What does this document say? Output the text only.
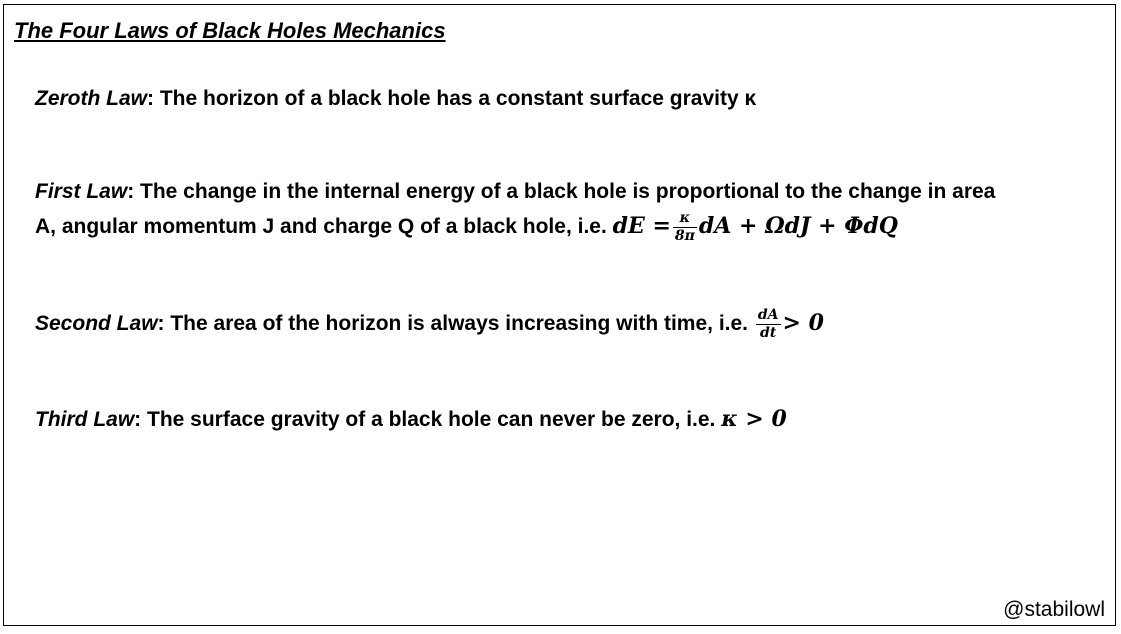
The Four Laws of Black Holes Mechanics
Zeroth Law: The horizon of a black hole has a constant surface gravity κ
First Law: The change in the internal energy of a black hole is proportional to the change in area
A, angular momentum J and charge Q of a black hole, i.e. dE = $\frac{\kappa}{8\pi}$ dA + ΩdJ + ΦdQ
Second Law: The area of the horizon is always increasing with time, i.e. $\frac{dA}{dt} > 0$
Third Law: The surface gravity of a black hole can never be zero, i.e. κ > 0
@stabilowl
